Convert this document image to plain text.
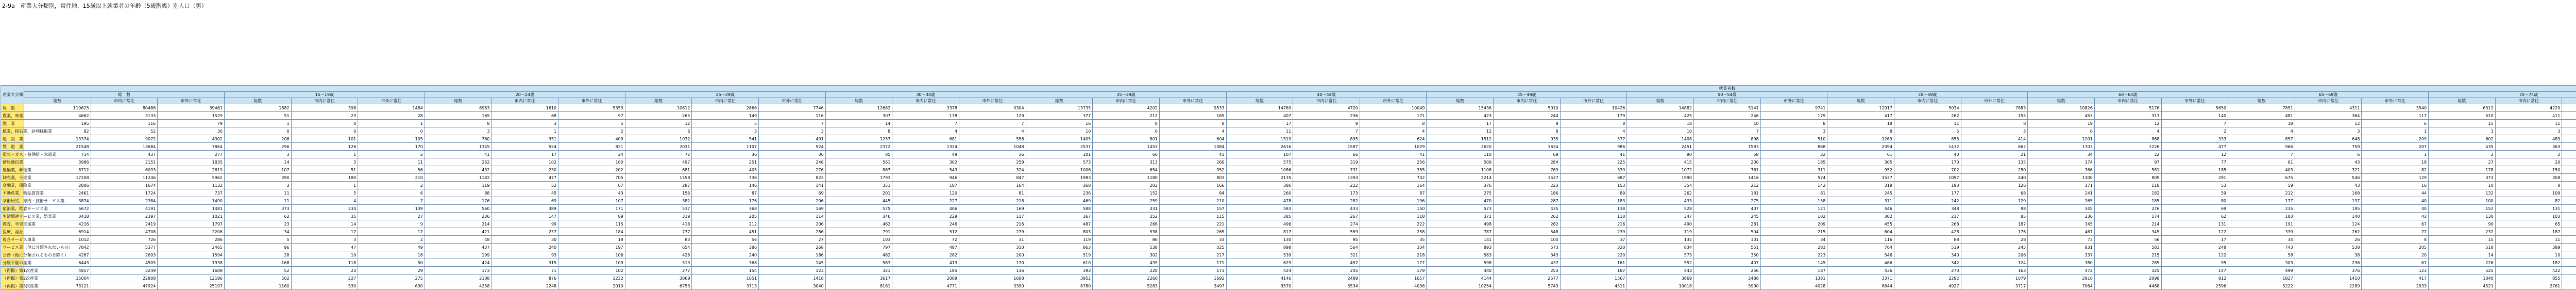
2-9a　産業大分類別，常住地，15歳以上就業者の年齢（5歳階級）別人口（男）
産業大分類	就業者数																																																					
	総　数			15～19歳			20～24歳			25～29歳			30～34歳			35～39歳			40～44歳			45～49歳			50～54歳			55～59歳			60～64歳			65～69歳			70～74歳				
	総数	市内に常住	市外に常住	総数	市内に常住	市外に常住	総数	市内に常住	市外に常住	総数	市内に常住	市外に常住	総数	市内に常住	市外に常住	総数	市内に常住	市外に常住	総数	市内に常住	市外に常住	総数	市内に常住	市外に常住	総数	市内に常住	市外に常住	総数	市内に常住	市外に常住	総数	市内に常住	市外に常住	総数	市内に常住	市外に常住	総数	市内に常住													
総　数	119625	80486	39461	1882	398	1484	6963	1610	5353	10612	2866	7746	12682	3378	9304	13735	4202	9533	14769	4720	10049	15436	5010	10426	14882	5141	9741	12917	5034	7883	10826	5176	5650	7851	4311	3540	6312	4220																
農業，林業	4662	3133	1529	51	23	28	165	68	97	265	149	116	307	178	129	377	212	165	407	236	171	423	244	179	425	246	179	417	262	155	453	313	140	481	364	117	510	411																
漁　業	195	116	79	1	0	1	8	3	5	12	5	7	14	7	7	16	8	8	17	9	8	17	9	8	18	10	8	19	11	8	19	12	7	18	12	6	15	11																
鉱業，採石業，砂利採取業	82	52	30	0	0	0	3	1	2	6	3	3	8	4	4	10	6	4	11	7	4	12	8	4	10	7	3	8	5	3	6	4	2	4	3	1	3	3																
建　設　業	13374	9072	4302	206	101	105	760	351	409	1032	541	491	1237	681	556	1405	801	604	1519	895	624	1512	935	577	1408	898	510	1269	855	414	1201	868	333	857	648	209	602	489																
製　造　業	21548	13684	7864	296	126	170	1345	524	821	2031	1107	924	2372	1324	1048	2537	1453	1084	2616	1587	1029	2620	1634	986	2451	1583	868	2094	1432	662	1703	1226	477	966	759	207	435	363																
電気・ガス・熱供給・水道業	714	437	277	3	1	2	41	17	24	72	36	36	85	49	36	101	60	41	107	66	41	110	69	41	90	58	32	61	40	21	34	22	12	7	6	1	2	2																
情報通信業	3986	2151	1835	14	3	11	262	102	160	497	251	246	561	302	259	573	313	260	575	319	256	509	284	225	415	230	185	305	170	135	174	97	77	61	43	18	27	20																
運輸業，郵便業	8712	6093	2619	107	51	56	432	230	202	681	405	276	867	543	324	1006	654	352	1086	731	355	1108	769	339	1072	761	311	952	702	250	766	581	185	403	321	82	178	150																
卸売業，小売業	17208	11246	5962	390	180	210	1182	477	705	1558	736	822	1793	946	847	1983	1180	803	2135	1393	742	2214	1527	687	1990	1416	574	1537	1097	440	1100	809	291	675	546	129	373	308																
金融業，保険業	2806	1674	1132	3	1	2	119	52	67	287	146	141	351	187	164	368	202	166	386	222	164	376	223	153	354	212	142	319	193	126	171	118	53	59	43	16	10	8																
不動産業，物品賃貸業	2461	1724	737	11	5	6	88	45	43	156	87	69	201	120	81	236	152	84	260	173	87	275	186	89	262	181	81	245	177	68	241	182	59	212	168	44	132	109																
学術研究，専門・技術サービス業	3874	2384	1490	11	4	7	176	69	107	382	176	206	445	227	218	469	259	210	478	282	196	470	287	183	433	275	158	371	242	129	265	185	80	177	137	40	100	82																
宿泊業，飲食サービス業	5672	4191	1481	373	234	139	560	389	171	537	368	169	575	406	169	588	431	157	583	433	150	573	435	138	528	407	121	446	348	98	345	276	69	235	195	40	152	131																
生活関連サービス業，娯楽業	3418	2397	1021	62	35	27	236	147	89	319	205	114	346	229	117	367	252	115	385	267	118	372	262	110	347	245	102	302	217	85	236	174	62	183	140	43	130	103																
教育，学習支援業	4216	2419	1797	23	14	9	214	99	115	418	212	206	462	246	216	487	266	221	496	274	222	498	282	216	490	281	209	455	268	187	345	214	131	191	124	67	90	65																
医療，福祉	6914	4708	2206	34	17	17	421	237	184	737	451	286	791	512	279	803	538	265	817	559	258	787	548	239	719	504	215	604	428	176	467	345	122	339	262	77	232	187																
複合サービス事業	1012	726	286	5	3	2	48	30	18	83	56	27	103	72	31	119	86	33	130	95	35	141	104	37	135	101	34	116	88	28	73	56	17	34	26	8	15	11																
サービス業（他に分類されないもの）	7842	5377	2465	96	47	49	437	240	197	654	386	268	797	487	310	863	538	325	898	564	334	893	573	320	834	551	283	764	519	245	831	583	248	743	538	205	518	389																
公務（他に分類されるものを除く）	4287	2693	1594	28	10	18	199	93	106	426	240	186	482	282	200	519	302	217	539	321	218	563	343	220	573	350	223	546	340	206	337	215	122	58	38	20	14	10																
分類不能の産業	6443	4505	1938	168	118	50	424	315	109	513	368	145	583	413	170	610	439	171	629	452	177	598	437	161	552	407	145	466	342	124	380	285	95	303	236	67	226	182																
（再掲）第1次産業	4857	3249	1608	52	23	29	173	71	102	277	154	123	321	185	136	393	220	173	424	245	179	440	253	187	443	256	187	436	273	163	472	325	147	499	376	123	525	422																
（再掲）第2次産業	35004	22808	12196	502	227	275	2108	876	1232	3069	1651	1418	3617	2009	1608	3952	2260	1692	4146	2489	1657	4144	2577	1567	3869	2488	1381	3371	2292	1079	2910	2098	812	1827	1410	417	1040	855																
（再掲）第3次産業	73121	47924	25197	1160	530	630	4258	2248	2010	6753	3713	3040	8161	4771	3390	8780	5283	3497	9570	5534	4036	10254	5743	4511	10018	5990	4028	8644	4927	3717	7064	4468	2596	5222	2289	2933	4521	2761																
